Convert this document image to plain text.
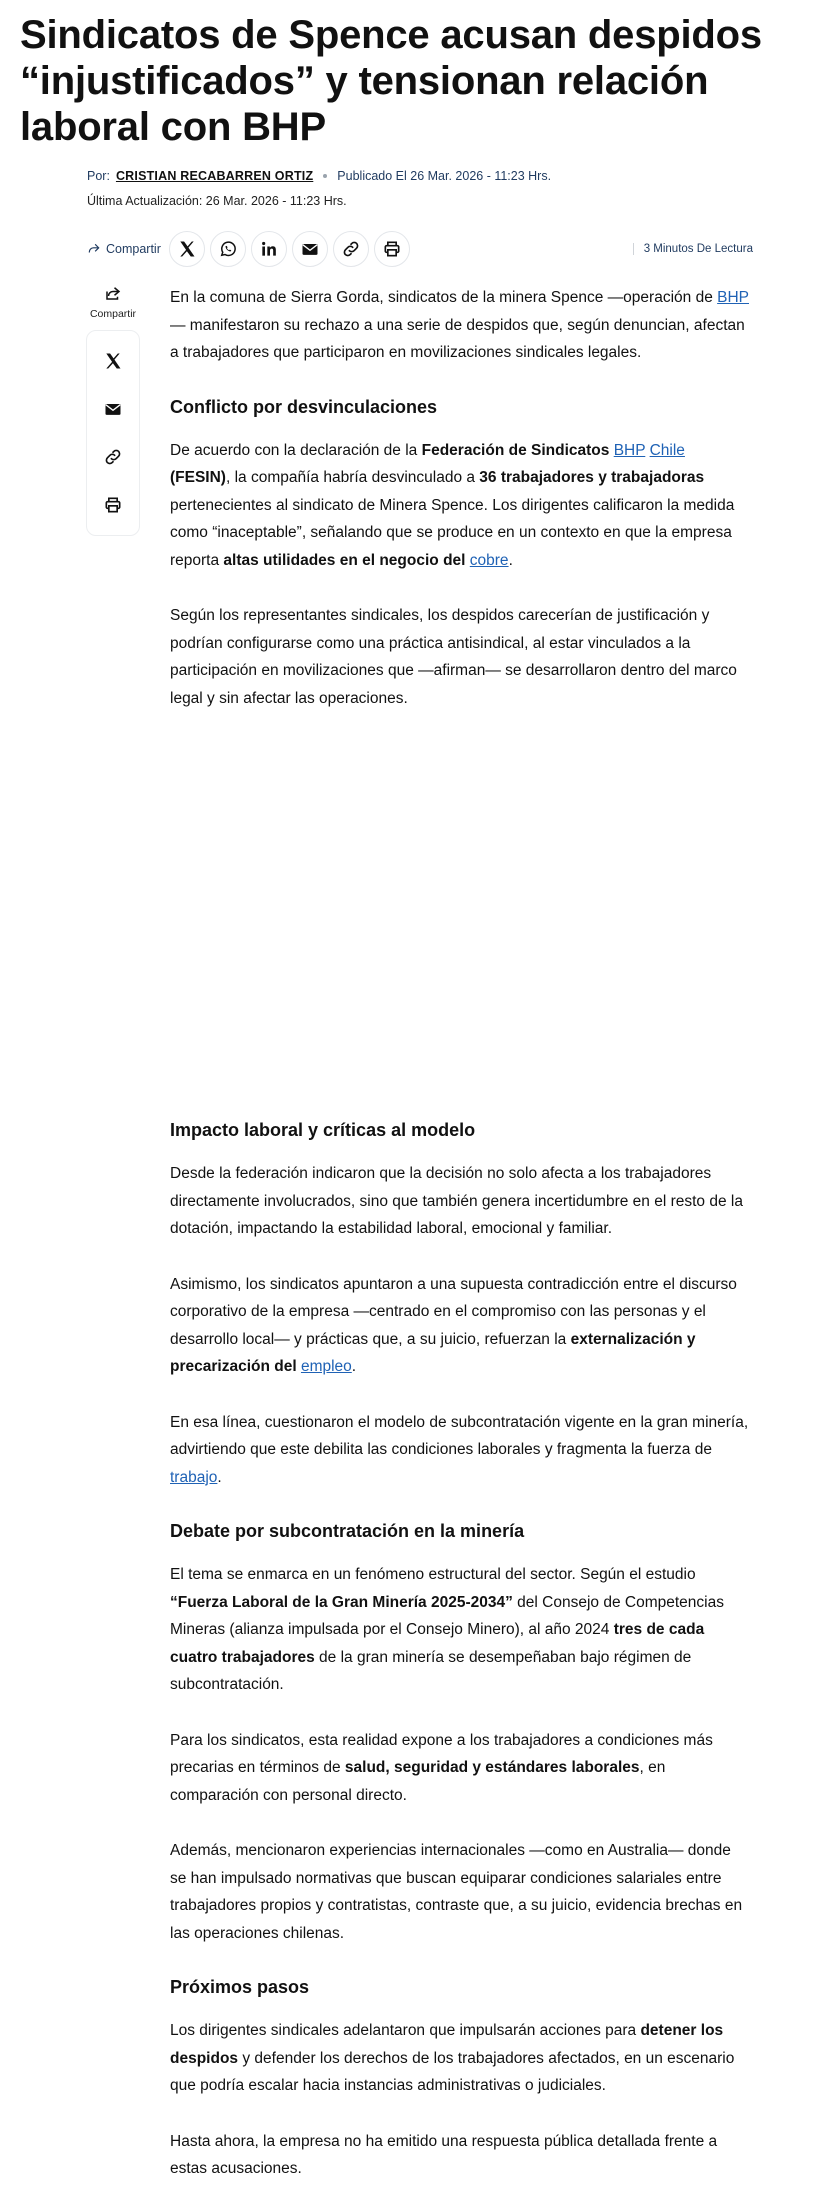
Sindicatos de Spence acusan despidos “injustificados” y tensionan relación laboral con BHP
Por: CRISTIAN RECABARREN ORTIZ Publicado El 26 Mar. 2026 - 11:23 Hrs.
Última Actualización: 26 Mar. 2026 - 11:23 Hrs.
Compartir	3 Minutos De Lectura
Compartir

En la comuna de Sierra Gorda, sindicatos de la minera Spence —operación de BHP— manifestaron su rechazo a una serie de despidos que, según denuncian, afectan a trabajadores que participaron en movilizaciones sindicales legales.

Conflicto por desvinculaciones

De acuerdo con la declaración de la Federación de Sindicatos BHP Chile
(FESIN), la compañía habría desvinculado a 36 trabajadores y trabajadoras pertenecientes al sindicato de Minera Spence. Los dirigentes calificaron la medida como “inaceptable”, señalando que se produce en un contexto en que la empresa reporta altas utilidades en el negocio del cobre.

Según los representantes sindicales, los despidos carecerían de justificación y podrían configurarse como una práctica antisindical, al estar vinculados a la participación en movilizaciones que —afirman— se desarrollaron dentro del marco legal y sin afectar las operaciones.

Impacto laboral y críticas al modelo

Desde la federación indicaron que la decisión no solo afecta a los trabajadores directamente involucrados, sino que también genera incertidumbre en el resto de la dotación, impactando la estabilidad laboral, emocional y familiar.

Asimismo, los sindicatos apuntaron a una supuesta contradicción entre el discurso corporativo de la empresa —centrado en el compromiso con las personas y el desarrollo local— y prácticas que, a su juicio, refuerzan la externalización y precarización del empleo.

En esa línea, cuestionaron el modelo de subcontratación vigente en la gran minería, advirtiendo que este debilita las condiciones laborales y fragmenta la fuerza de trabajo.

Debate por subcontratación en la minería

El tema se enmarca en un fenómeno estructural del sector. Según el estudio “Fuerza Laboral de la Gran Minería 2025-2034” del Consejo de Competencias Mineras (alianza impulsada por el Consejo Minero), al año 2024 tres de cada cuatro trabajadores de la gran minería se desempeñaban bajo régimen de subcontratación.

Para los sindicatos, esta realidad expone a los trabajadores a condiciones más precarias en términos de salud, seguridad y estándares laborales, en comparación con personal directo.

Además, mencionaron experiencias internacionales —como en Australia— donde se han impulsado normativas que buscan equiparar condiciones salariales entre trabajadores propios y contratistas, contraste que, a su juicio, evidencia brechas en las operaciones chilenas.

Próximos pasos

Los dirigentes sindicales adelantaron que impulsarán acciones para detener los despidos y defender los derechos de los trabajadores afectados, en un escenario que podría escalar hacia instancias administrativas o judiciales.

Hasta ahora, la empresa no ha emitido una respuesta pública detallada frente a estas acusaciones.
